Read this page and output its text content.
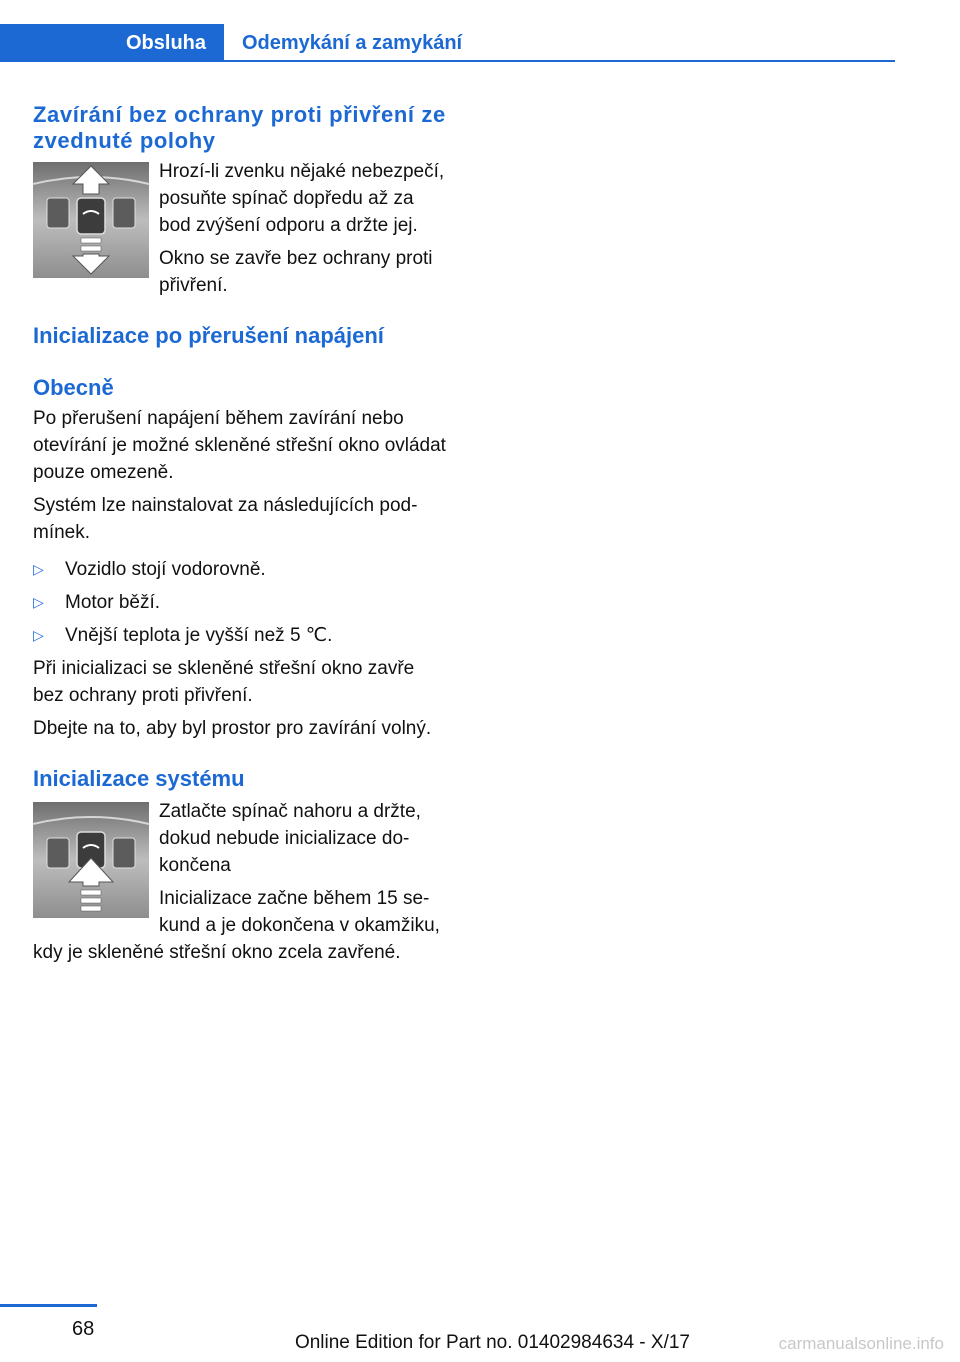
Obsluha	Odemykání a zamykání
Zavírání bez ochrany proti přivření ze zvednuté polohy

Hrozí-li zvenku nějaké nebezpečí, posuňte spínač dopředu až za bod zvýšení odporu a držte jej.

Okno se zavře bez ochrany proti přivření.

Inicializace po přerušení napájení
Obecně

Po přerušení napájení během zavírání nebo otevírání je možné skleněné střešní okno ovládat pouze omezeně.

Systém lze nainstalovat za následujících podmínek.

▷ Vozidlo stojí vodorovně.
▷ Motor běží.
▷ Vnější teplota je vyšší než 5 ℃.

Při inicializaci se skleněné střešní okno zavře bez ochrany proti přivření.

Dbejte na to, aby byl prostor pro zavírání volný.

Inicializace systému

Zatlačte spínač nahoru a držte, dokud nebude inicializace dokončena

Inicializace začne během 15 sekund a je dokončena v okamžiku, kdy je skleněné střešní okno zcela zavřené.

68
Online Edition for Part no. 01402984634 - X/17	carmanualsonline.info
